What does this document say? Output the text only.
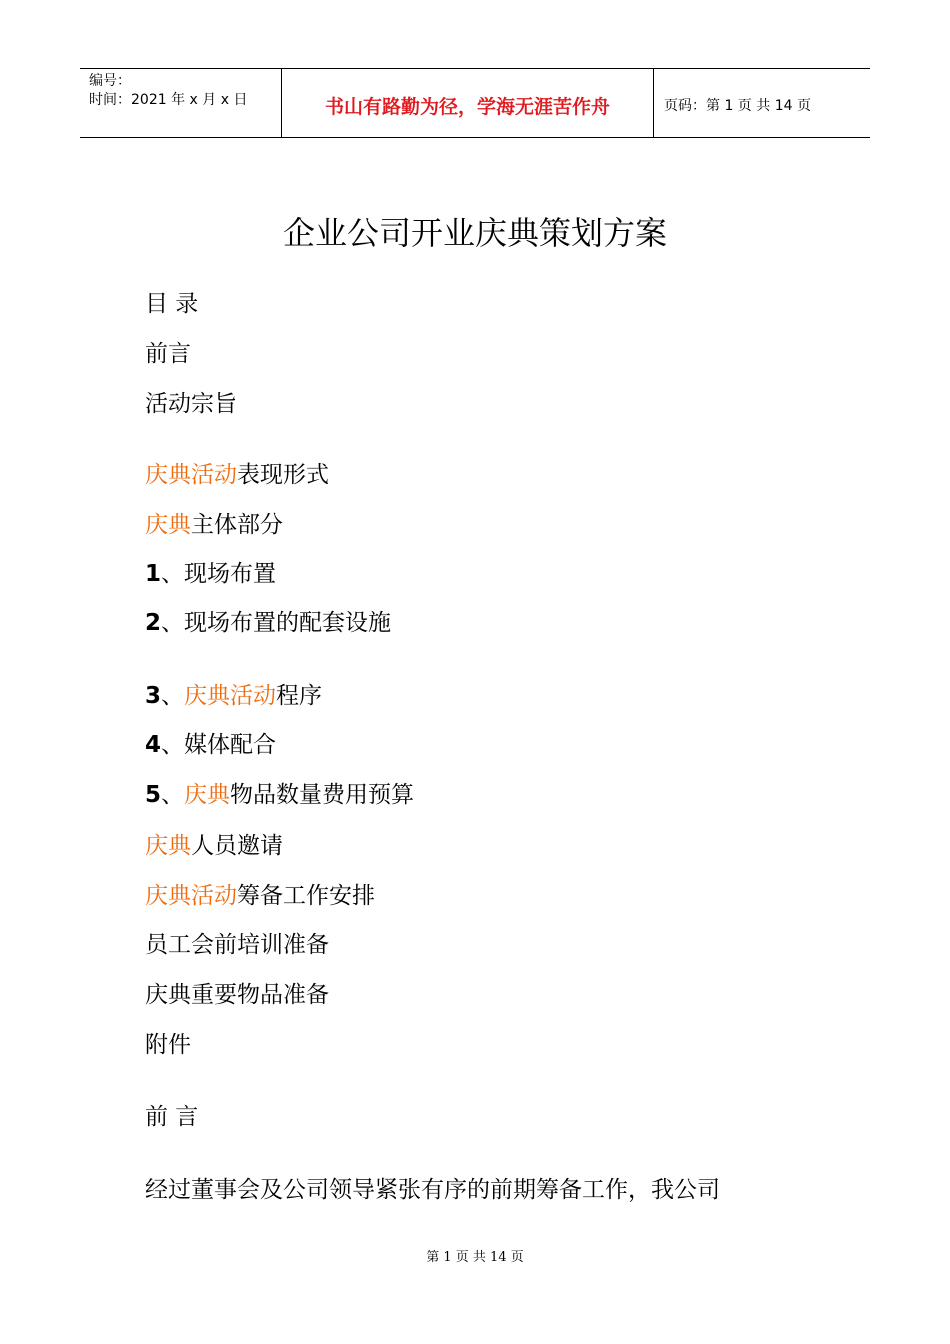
编号：
时间：2021 年 x 月 x 日	书山有路勤为径，学海无涯苦作舟	页码：第 1 页 共 14 页
企业公司开业庆典策划方案
目 录
前言
活动宗旨
庆典活动表现形式
庆典主体部分
1、现场布置
2、现场布置的配套设施
3、庆典活动程序
4、媒体配合
5、庆典物品数量费用预算
庆典人员邀请
庆典活动筹备工作安排
员工会前培训准备
庆典重要物品准备
附件
前 言
经过董事会及公司领导紧张有序的前期筹备工作，我公司
第 1 页 共 14 页
